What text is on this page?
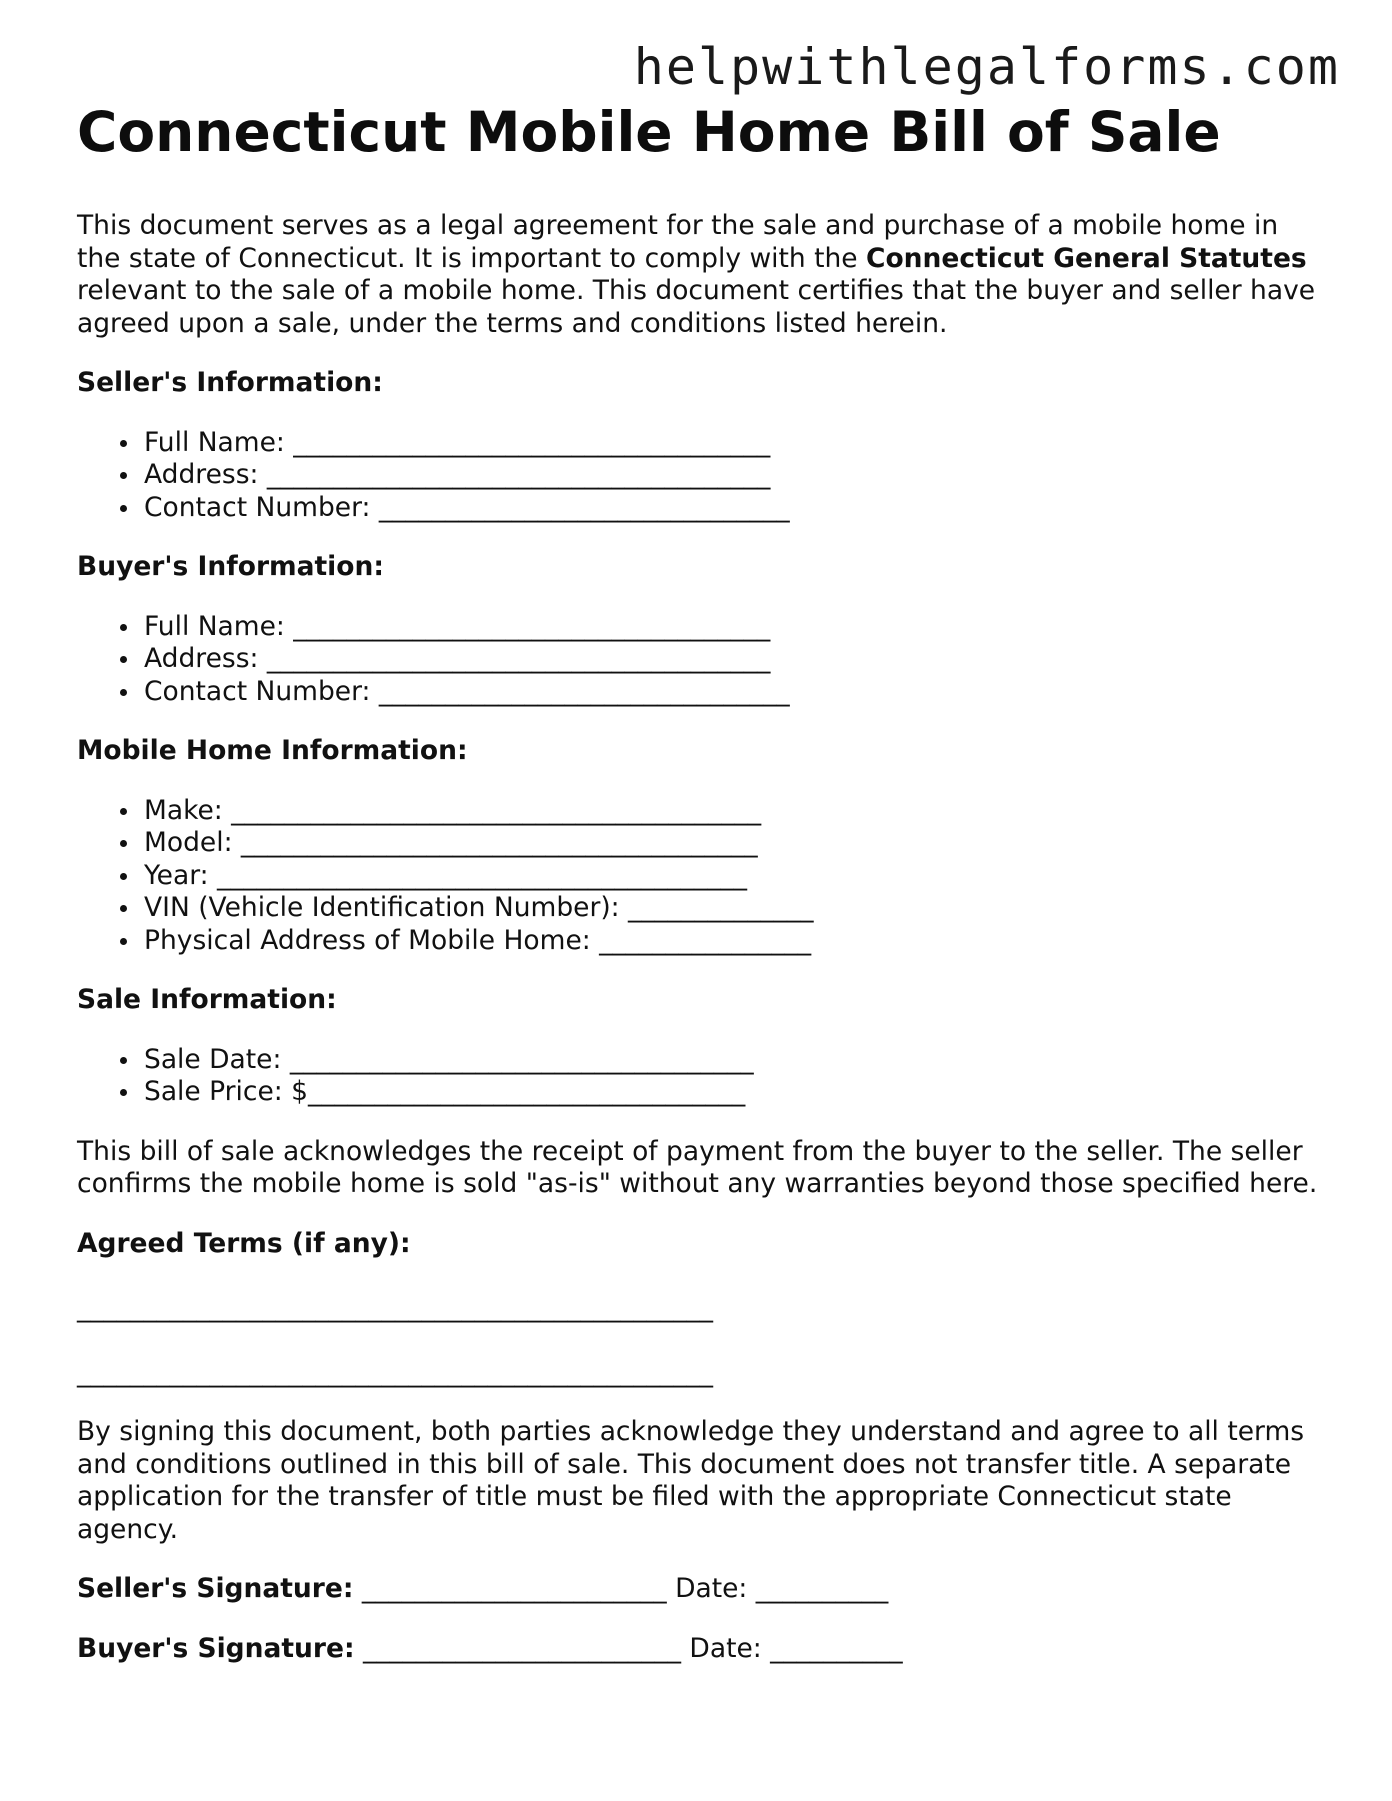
helpwithlegalforms.com
Connecticut Mobile Home Bill of Sale

This document serves as a legal agreement for the sale and purchase of a mobile home in the state of Connecticut. It is important to comply with the Connecticut General Statutes relevant to the sale of a mobile home. This document certifies that the buyer and seller have agreed upon a sale, under the terms and conditions listed herein.

Seller's Information:
Full Name: ____________________________________
Address: ______________________________________
Contact Number: _______________________________
Buyer's Information:
Full Name: ____________________________________
Address: ______________________________________
Contact Number: _______________________________
Mobile Home Information:
Make: ________________________________________
Model: _______________________________________
Year: ________________________________________
VIN (Vehicle Identification Number): ______________
Physical Address of Mobile Home: ________________
Sale Information:
Sale Date: ___________________________________
Sale Price: $_________________________________

This bill of sale acknowledges the receipt of payment from the buyer to the seller. The seller confirms the mobile home is sold "as-is" without any warranties beyond those specified here.

Agreed Terms (if any):
________________________________________________
________________________________________________

By signing this document, both parties acknowledge they understand and agree to all terms and conditions outlined in this bill of sale. This document does not transfer title. A separate application for the transfer of title must be filed with the appropriate Connecticut state agency.

Seller's Signature: _______________________ Date: __________
Buyer's Signature: ________________________ Date: __________
